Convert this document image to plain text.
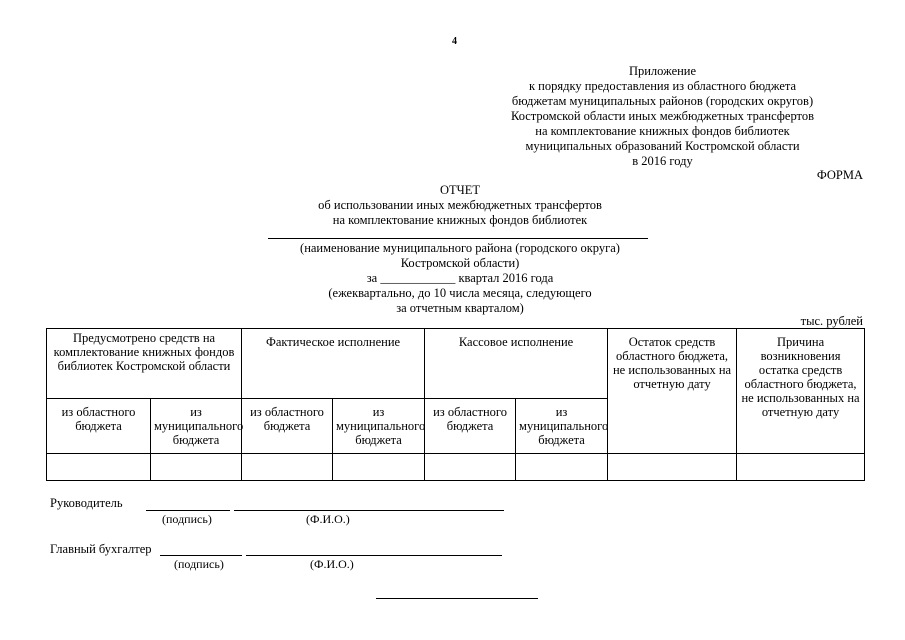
4
Приложение
к порядку предоставления из областного бюджета
бюджетам муниципальных районов (городских округов)
Костромской области иных межбюджетных трансфертов
на комплектование книжных фондов библиотек
муниципальных образований Костромской области
в 2016 году
ФОРМА
ОТЧЕТ
об использовании иных межбюджетных трансфертов
на комплектование книжных фондов библиотек
(наименование муниципального района (городского округа)
Костромской области)
за ____________ квартал 2016 года
(ежеквартально, до 10 числа месяца, следующего
за отчетным кварталом)
тыс. рублей
Предусмотрено средств на комплектование книжных фондов библиотек Костромской области		Фактическое исполнение		Кассовое исполнение		Остаток средств областного бюджета, не использованных на отчетную дату	Причина возникновения остатка средств областного бюджета, не использованных на отчетную дату
из областного бюджета	из муниципального бюджета	из областного бюджета	из муниципального бюджета	из областного бюджета	из муниципального бюджета		

Руководитель
(подпись)	(Ф.И.О.)
Главный бухгалтер
(подпись)	(Ф.И.О.)
